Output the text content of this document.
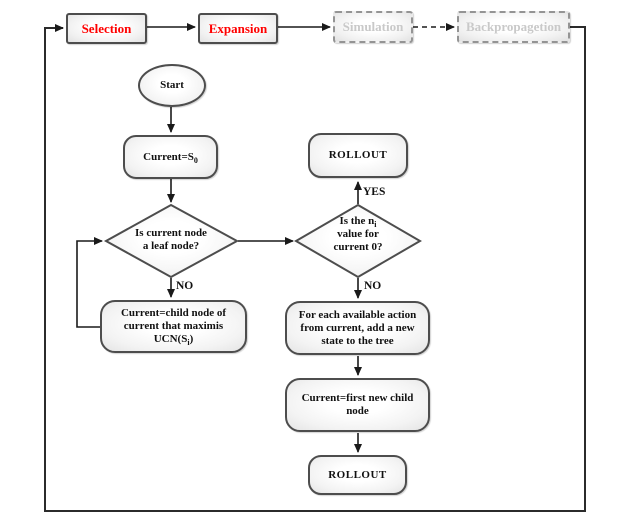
Selection	Expansion	Simulation	Backpropagetion
Start
$Current=S_0$
Is current node
a leaf node?
NO
Current=child node of
current that maximis
$UCN(S_i)$
ROLLOUT
YES
Is the $n_i$
value for
current 0?
NO
For each available action
from current, add a new
state to the tree
Current=first new child
node
ROLLOUT
